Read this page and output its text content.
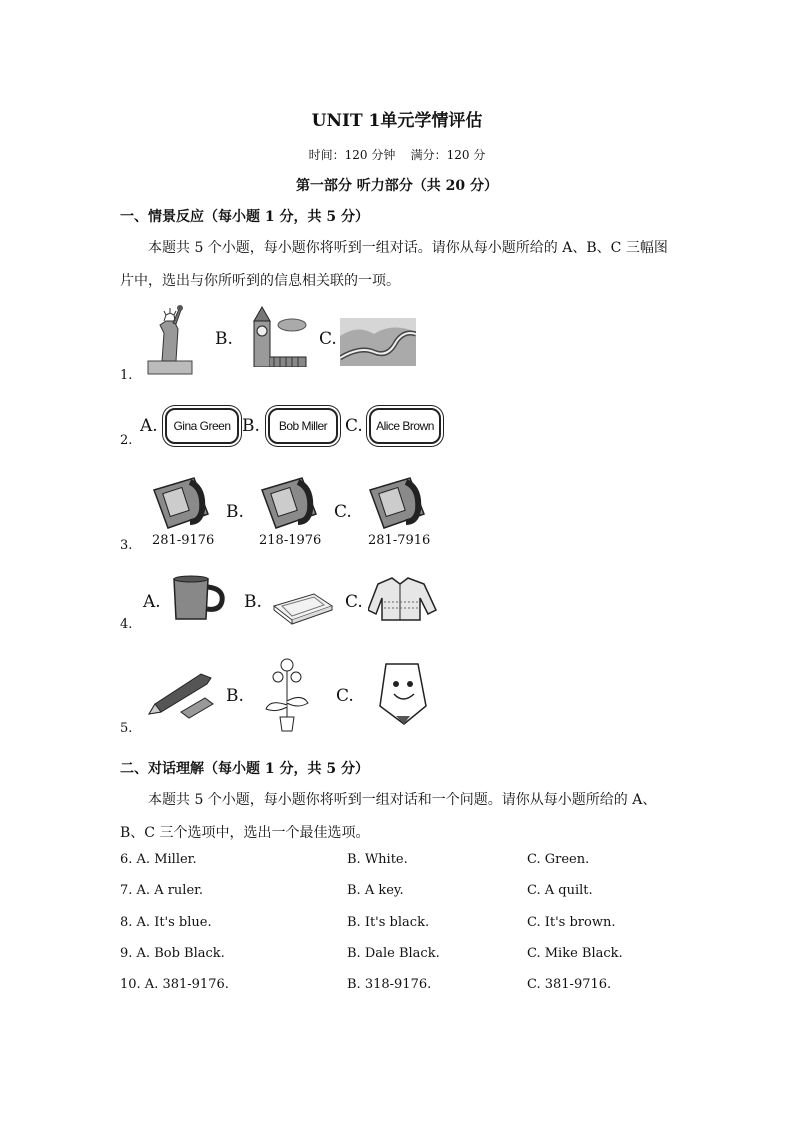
UNIT 1单元学情评估
时间：120 分钟    满分：120 分
第一部分 听力部分（共 20 分）
一、情景反应（每小题 1 分，共 5 分）
本题共 5 个小题，每小题你将听到一组对话。请你从每小题所给的 A、B、C 三幅图片中，选出与你所听到的信息相关联的一项。
1.
B.	C.
2.
A.	Gina Green B.	Bob Miller	C.	Alice Brown
3. 281-9176
B.
218-1976
C.
281-7916
4.
A.	B.	C.
5.
B.	C.
二、对话理解（每小题 1 分，共 5 分）
本题共 5 个小题，每小题你将听到一组对话和一个问题。请你从每小题所给的 A、B、C 三个选项中，选出一个最佳选项。
6. A. Miller.	B. White.	C. Green.
7. A. A ruler.	B. A key.	C. A quilt.
8. A. It's blue.	B. It's black.	C. It's brown.
9. A. Bob Black.	B. Dale Black.	C. Mike Black.
10. A. 381-9176.	B. 318-9176.	C. 381-9716.
